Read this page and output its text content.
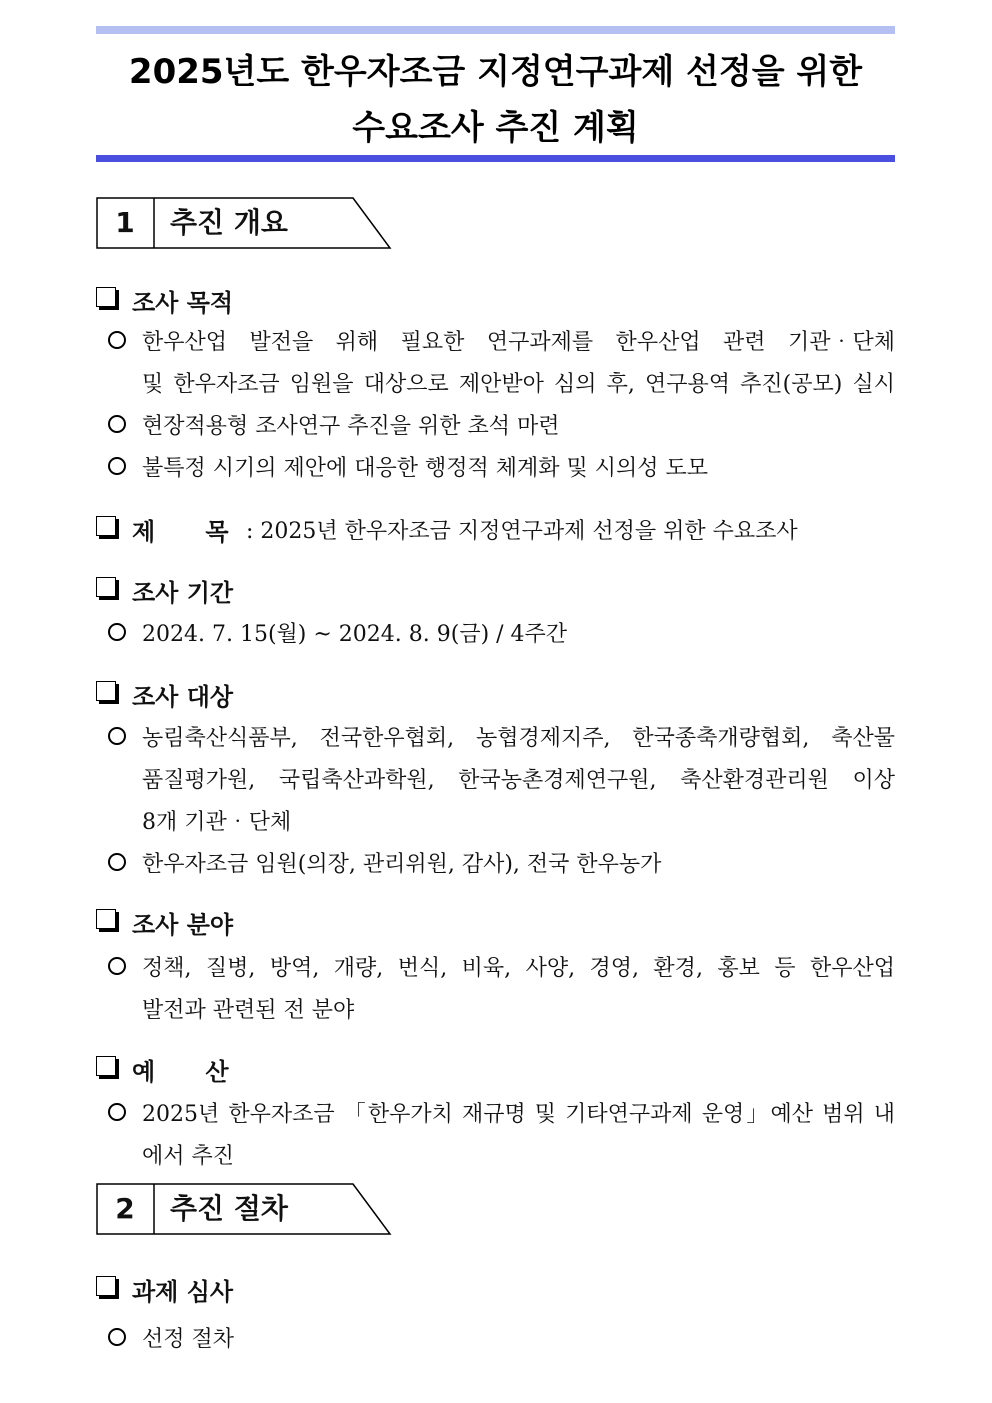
2025년도 한우자조금 지정연구과제 선정을 위한
수요조사 추진 계획
1	추진 개요
조사 목적
한우산업 발전을 위해 필요한 연구과제를 한우산업 관련 기관‧단체
및 한우자조금 임원을 대상으로 제안받아 심의 후, 연구용역 추진(공모) 실시
현장적용형 조사연구 추진을 위한 초석 마련
불특정 시기의 제안에 대응한 행정적 체계화 및 시의성 도모
제      목 : 2025년 한우자조금 지정연구과제 선정을 위한 수요조사
조사 기간
2024. 7. 15(월) ~ 2024. 8. 9(금) / 4주간
조사 대상
농림축산식품부, 전국한우협회, 농협경제지주, 한국종축개량협회, 축산물
품질평가원, 국립축산과학원, 한국농촌경제연구원, 축산환경관리원 이상
8개 기관‧단체
한우자조금 임원(의장, 관리위원, 감사), 전국 한우농가
조사 분야
정책, 질병, 방역, 개량, 번식, 비육, 사양, 경영, 환경, 홍보 등 한우산업
발전과 관련된 전 분야
예      산
2025년 한우자조금 「한우가치 재규명 및 기타연구과제 운영」예산 범위 내
에서 추진
2	추진 절차
과제 심사
선정 절차
